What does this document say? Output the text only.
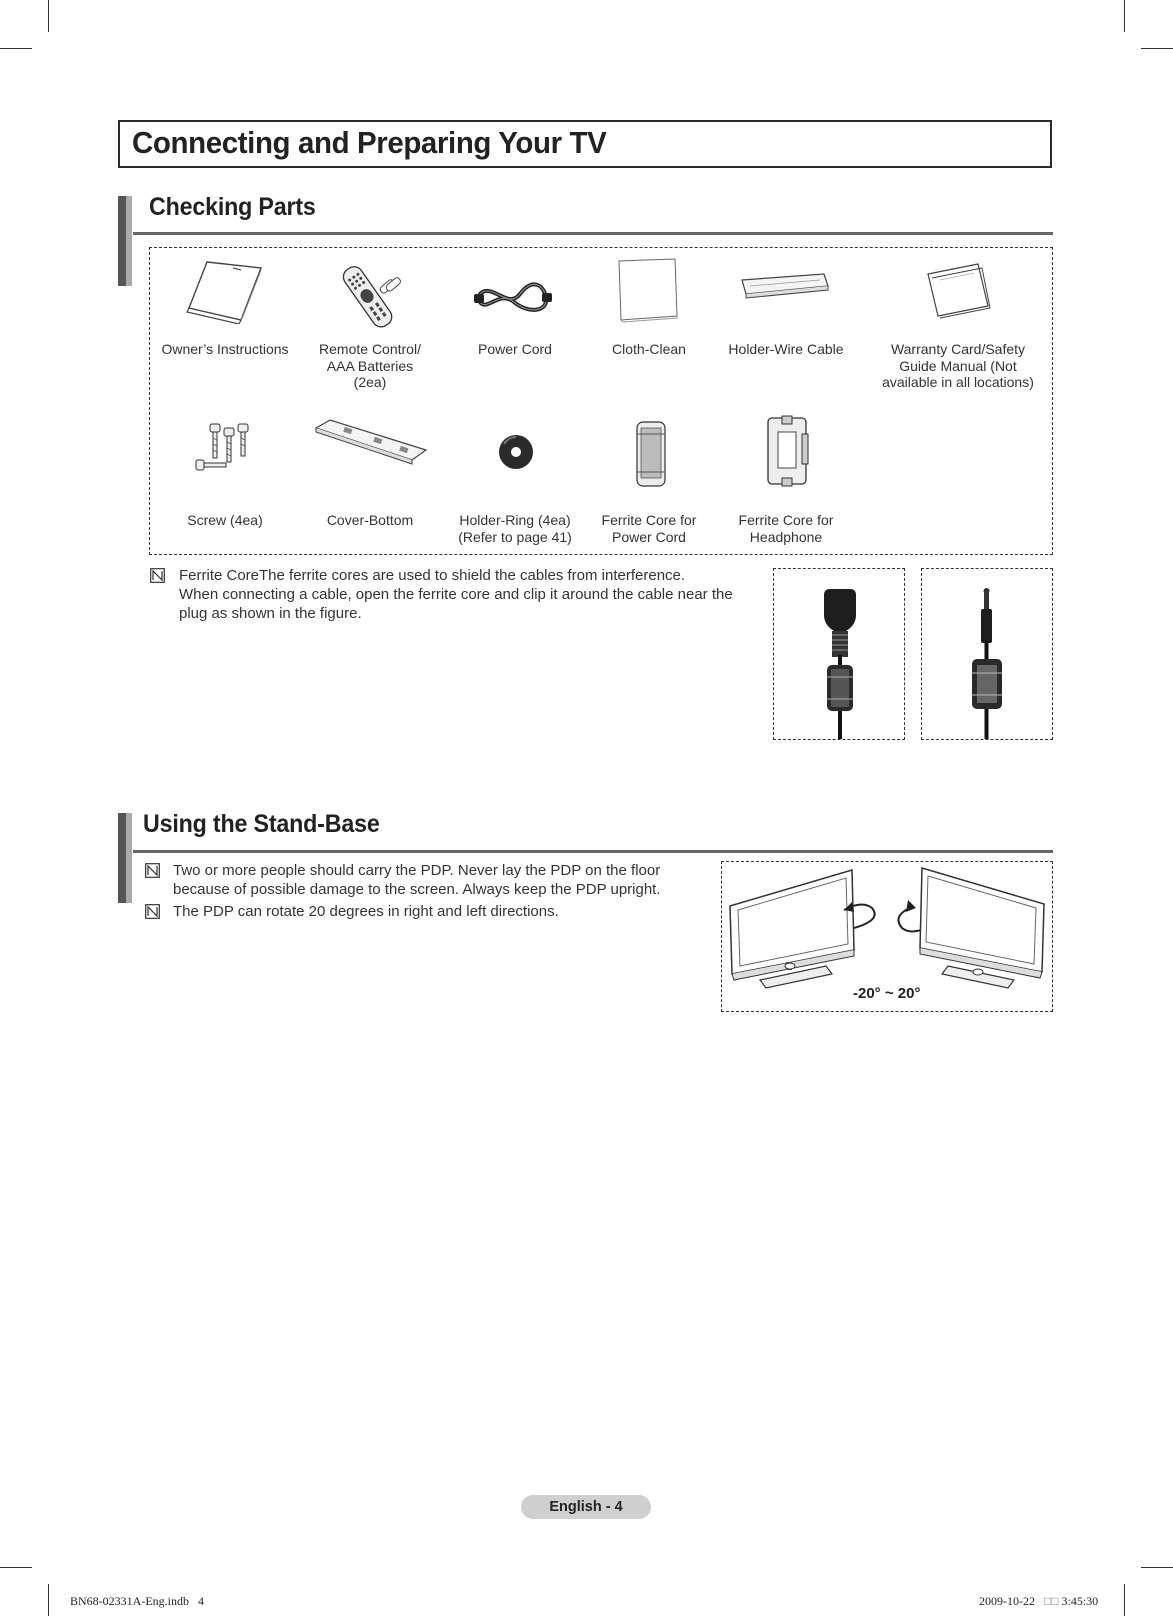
Connecting and Preparing Your TV
Checking Parts
Owner’s Instructions	Remote Control/ AAA Batteries (2ea)
Power Cord	Cloth-Clean	Holder-Wire Cable	Warranty Card/Safety Guide Manual (Not available in all locations)
Screw (4ea)	Cover-Bottom	Holder-Ring (4ea) (Refer to page 41)
Ferrite Core for Power Cord
Ferrite Core for Headphone
Ferrite CoreThe ferrite cores are used to shield the cables from interference.
When connecting a cable, open the ferrite core and clip it around the cable near the
plug as shown in the figure.
Using the Stand-Base
Two or more people should carry the PDP. Never lay the PDP on the floor
because of possible damage to the screen. Always keep the PDP upright.
The PDP can rotate 20 degrees in right and left directions.
-20° ~ 20°
English - 4
BN68-02331A-Eng.indb   4	2009-10-22 □□ 3:45:30
